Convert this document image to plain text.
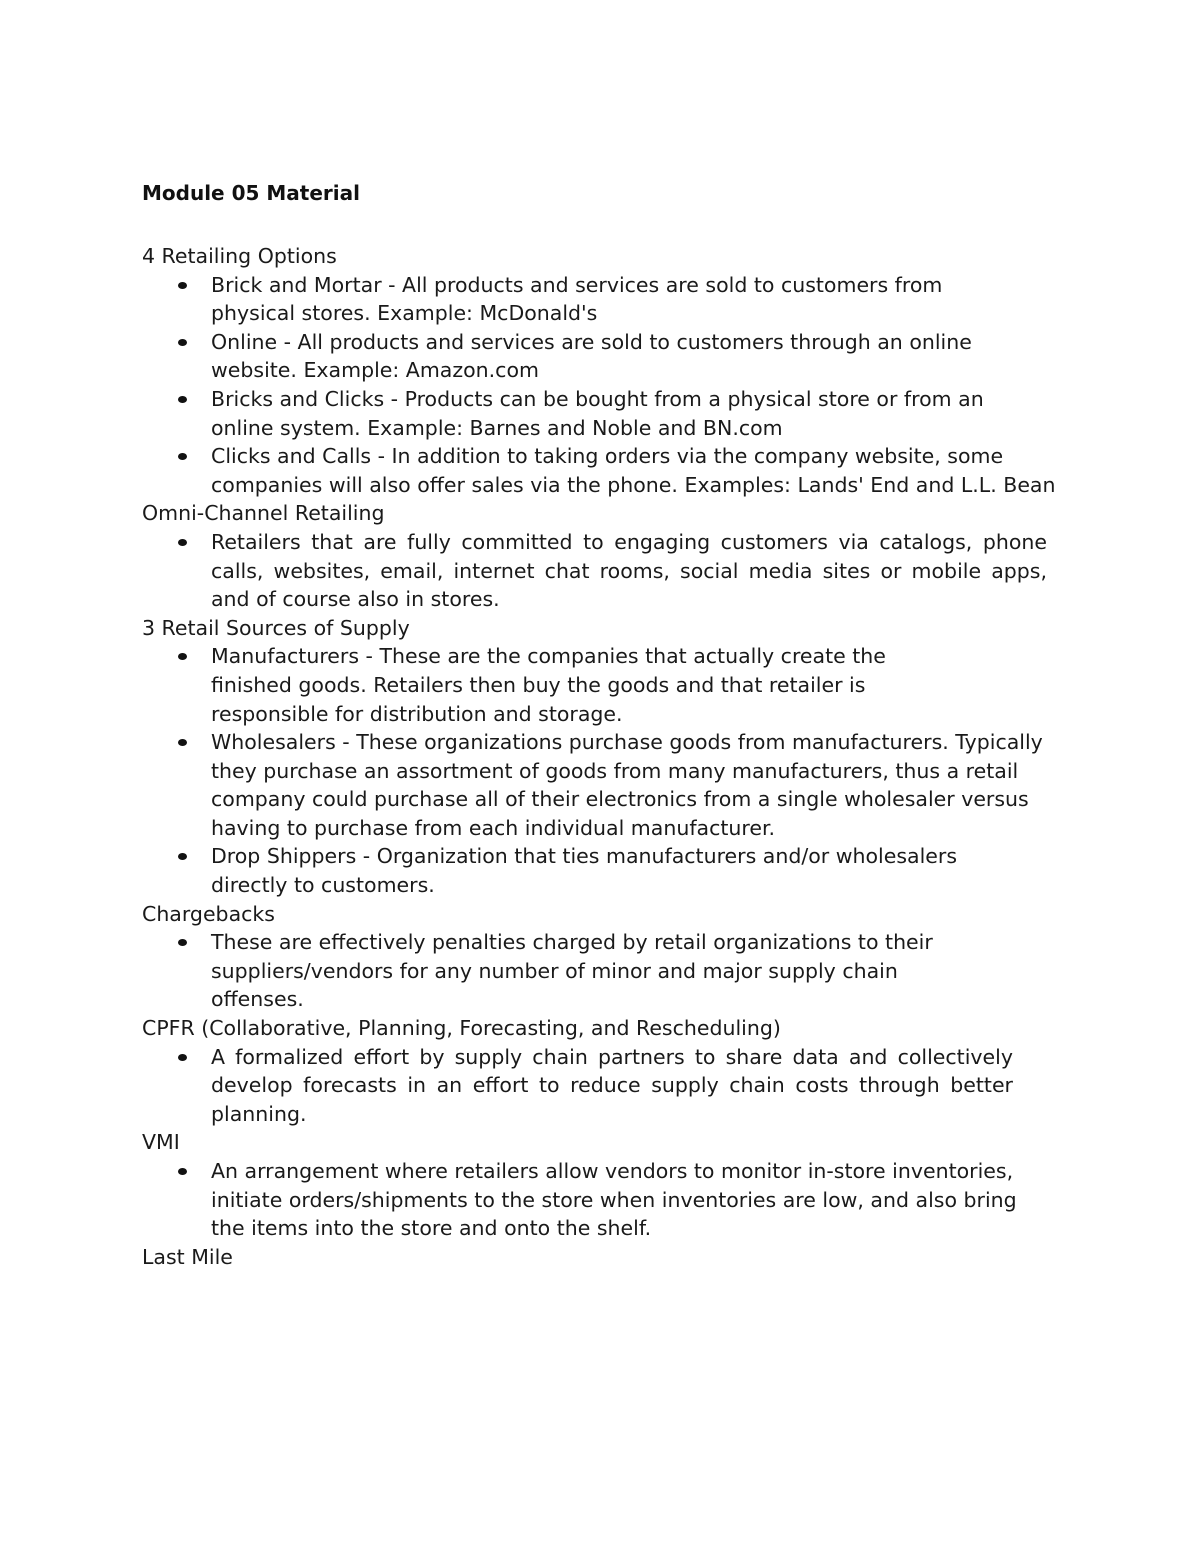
Module 05 Material
4 Retailing Options
Brick and Mortar - All products and services are sold to customers from physical stores. Example: McDonald's
Online - All products and services are sold to customers through an online website. Example: Amazon.com
Bricks and Clicks - Products can be bought from a physical store or from an online system. Example: Barnes and Noble and BN.com
Clicks and Calls - In addition to taking orders via the company website, some companies will also offer sales via the phone. Examples: Lands' End and L.L. Bean
Omni-Channel Retailing
Retailers that are fully committed to engaging customers via catalogs, phone calls, websites, email, internet chat rooms, social media sites or mobile apps, and of course also in stores.
3 Retail Sources of Supply
Manufacturers - These are the companies that actually create the finished goods. Retailers then buy the goods and that retailer is responsible for distribution and storage.
Wholesalers - These organizations purchase goods from manufacturers. Typically they purchase an assortment of goods from many manufacturers, thus a retail company could purchase all of their electronics from a single wholesaler versus having to purchase from each individual manufacturer.
Drop Shippers - Organization that ties manufacturers and/or wholesalers directly to customers.
Chargebacks
These are effectively penalties charged by retail organizations to their suppliers/vendors for any number of minor and major supply chain offenses.
CPFR (Collaborative, Planning, Forecasting, and Rescheduling)
A formalized effort by supply chain partners to share data and collectively develop forecasts in an effort to reduce supply chain costs through better planning.
VMI
An arrangement where retailers allow vendors to monitor in-store inventories, initiate orders/shipments to the store when inventories are low, and also bring the items into the store and onto the shelf.
Last Mile
